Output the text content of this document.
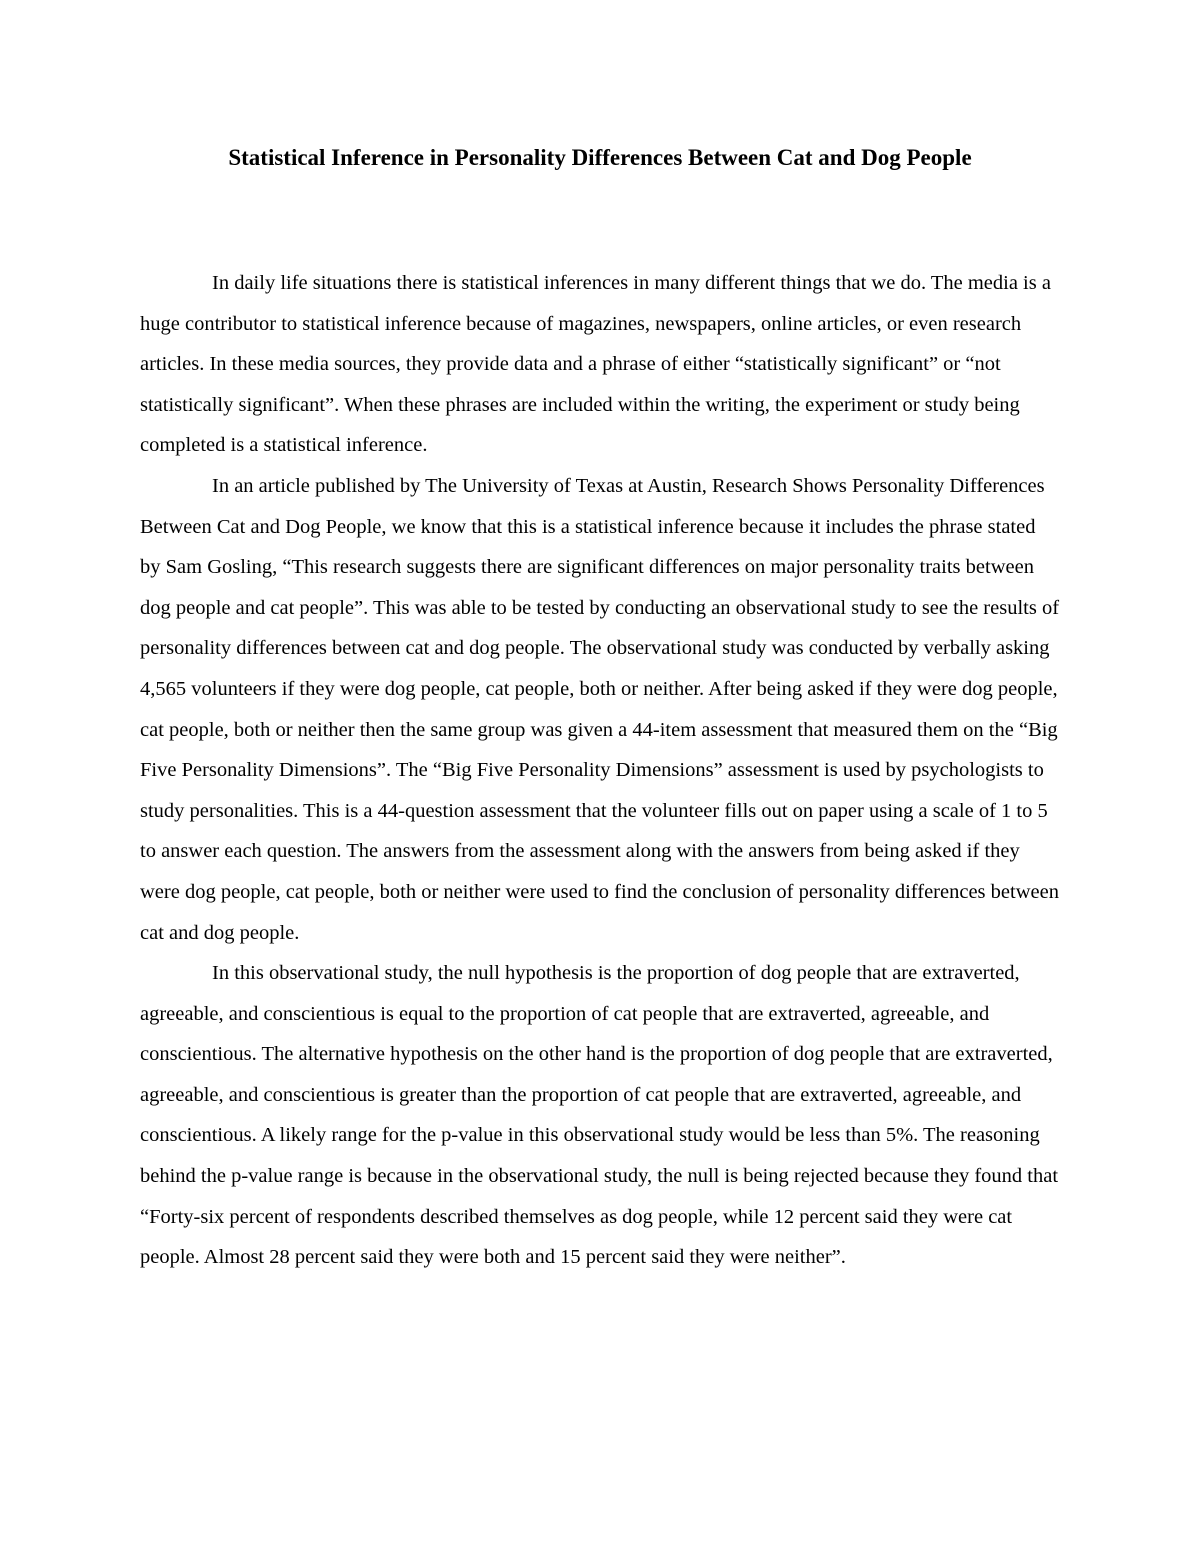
Statistical Inference in Personality Differences Between Cat and Dog People

In daily life situations there is statistical inferences in many different things that we do. The media is a huge contributor to statistical inference because of magazines, newspapers, online articles, or even research articles. In these media sources, they provide data and a phrase of either “statistically significant” or “not statistically significant”. When these phrases are included within the writing, the experiment or study being completed is a statistical inference.

In an article published by The University of Texas at Austin, Research Shows Personality Differences Between Cat and Dog People, we know that this is a statistical inference because it includes the phrase stated by Sam Gosling, “This research suggests there are significant differences on major personality traits between dog people and cat people”. This was able to be tested by conducting an observational study to see the results of personality differences between cat and dog people. The observational study was conducted by verbally asking 4,565 volunteers if they were dog people, cat people, both or neither. After being asked if they were dog people, cat people, both or neither then the same group was given a 44-item assessment that measured them on the “Big Five Personality Dimensions”. The “Big Five Personality Dimensions” assessment is used by psychologists to study personalities. This is a 44-question assessment that the volunteer fills out on paper using a scale of 1 to 5 to answer each question. The answers from the assessment along with the answers from being asked if they were dog people, cat people, both or neither were used to find the conclusion of personality differences between cat and dog people.

In this observational study, the null hypothesis is the proportion of dog people that are extraverted, agreeable, and conscientious is equal to the proportion of cat people that are extraverted, agreeable, and conscientious. The alternative hypothesis on the other hand is the proportion of dog people that are extraverted, agreeable, and conscientious is greater than the proportion of cat people that are extraverted, agreeable, and conscientious. A likely range for the p-value in this observational study would be less than 5%. The reasoning behind the p-value range is because in the observational study, the null is being rejected because they found that “Forty-six percent of respondents described themselves as dog people, while 12 percent said they were cat people. Almost 28 percent said they were both and 15 percent said they were neither”.
